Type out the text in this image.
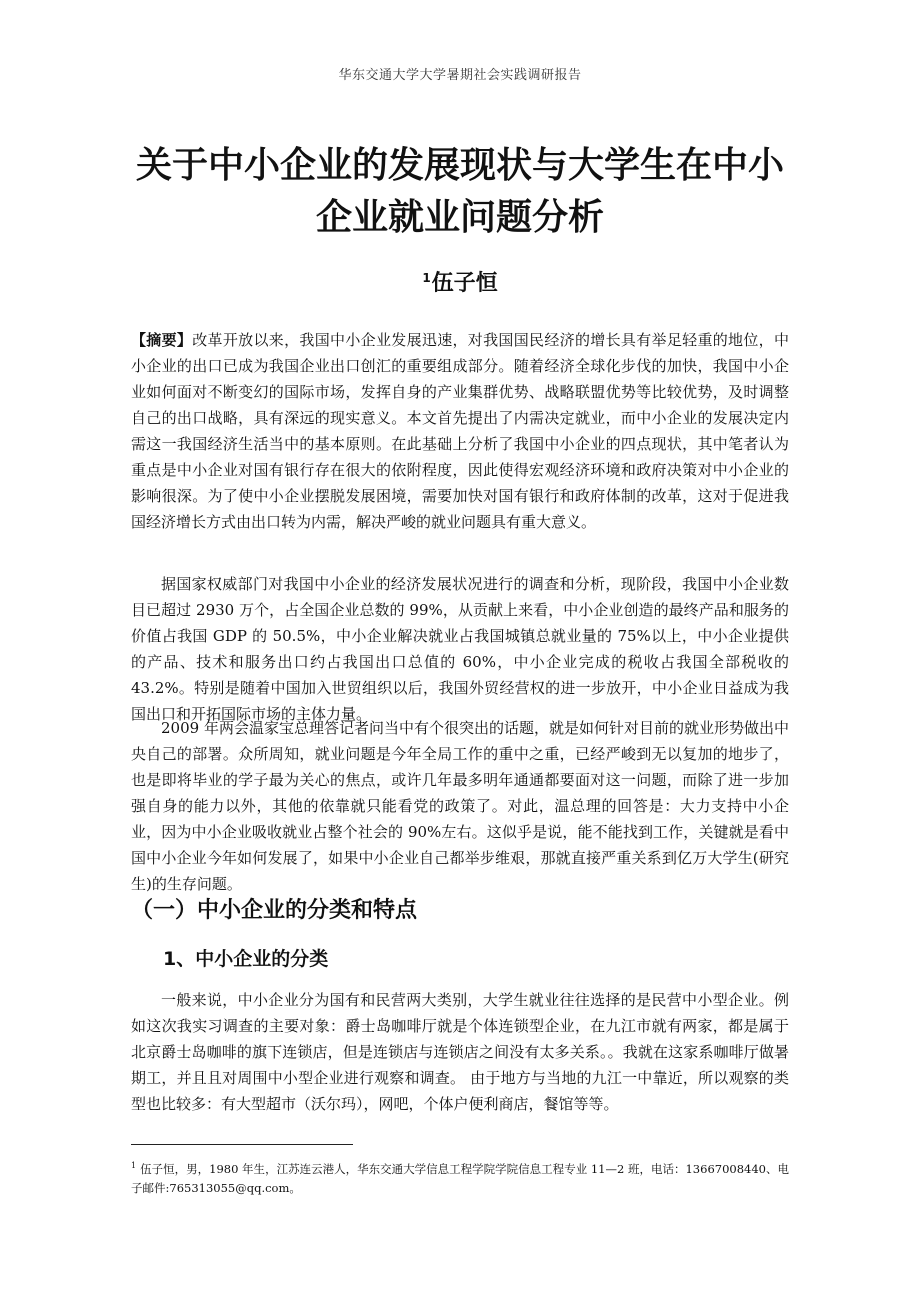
华东交通大学大学暑期社会实践调研报告
关于中小企业的发展现状与大学生在中小企业就业问题分析
$^1$伍子恒

【摘要】改革开放以来，我国中小企业发展迅速，对我国国民经济的增长具有举足轻重的地位，中小企业的出口已成为我国企业出口创汇的重要组成部分。随着经济全球化步伐的加快，我国中小企业如何面对不断变幻的国际市场，发挥自身的产业集群优势、战略联盟优势等比较优势，及时调整自己的出口战略，具有深远的现实意义。本文首先提出了内需决定就业，而中小企业的发展决定内需这一我国经济生活当中的基本原则。在此基础上分析了我国中小企业的四点现状，其中笔者认为重点是中小企业对国有银行存在很大的依附程度，因此使得宏观经济环境和政府决策对中小企业的影响很深。为了使中小企业摆脱发展困境，需要加快对国有银行和政府体制的改革，这对于促进我国经济增长方式由出口转为内需，解决严峻的就业问题具有重大意义。

据国家权威部门对我国中小企业的经济发展状况进行的调查和分析，现阶段，我国中小企业数目已超过 2930 万个，占全国企业总数的 99%，从贡献上来看，中小企业创造的最终产品和服务的价值占我国 GDP 的 50.5%，中小企业解决就业占我国城镇总就业量的 75%以上，中小企业提供的产品、技术和服务出口约占我国出口总值的 60%，中小企业完成的税收占我国全部税收的 43.2%。特别是随着中国加入世贸组织以后，我国外贸经营权的进一步放开，中小企业日益成为我国出口和开拓国际市场的主体力量。

2009 年两会温家宝总理答记者问当中有个很突出的话题，就是如何针对目前的就业形势做出中央自己的部署。众所周知，就业问题是今年全局工作的重中之重，已经严峻到无以复加的地步了，也是即将毕业的学子最为关心的焦点，或许几年最多明年通通都要面对这一问题，而除了进一步加强自身的能力以外，其他的依靠就只能看党的政策了。对此，温总理的回答是：大力支持中小企业，因为中小企业吸收就业占整个社会的 90%左右。这似乎是说，能不能找到工作，关键就是看中国中小企业今年如何发展了，如果中小企业自己都举步维艰，那就直接严重关系到亿万大学生(研究生)的生存问题。

（一）中小企业的分类和特点
1、中小企业的分类

一般来说，中小企业分为国有和民营两大类别，大学生就业往往选择的是民营中小型企业。例如这次我实习调查的主要对象：爵士岛咖啡厅就是个体连锁型企业，在九江市就有两家，都是属于北京爵士岛咖啡的旗下连锁店，但是连锁店与连锁店之间没有太多关系。。我就在这家系咖啡厅做暑期工，并且且对周围中小型企业进行观察和调查。 由于地方与当地的九江一中靠近，所以观察的类型也比较多：有大型超市（沃尔玛），网吧，个体户便利商店，餐馆等等。

$^1$ 伍子恒，男，1980 年生，江苏连云港人，华东交通大学信息工程学院学院信息工程专业 11—2 班，电话：13667008440、电子邮件:765313055@qq.com。
